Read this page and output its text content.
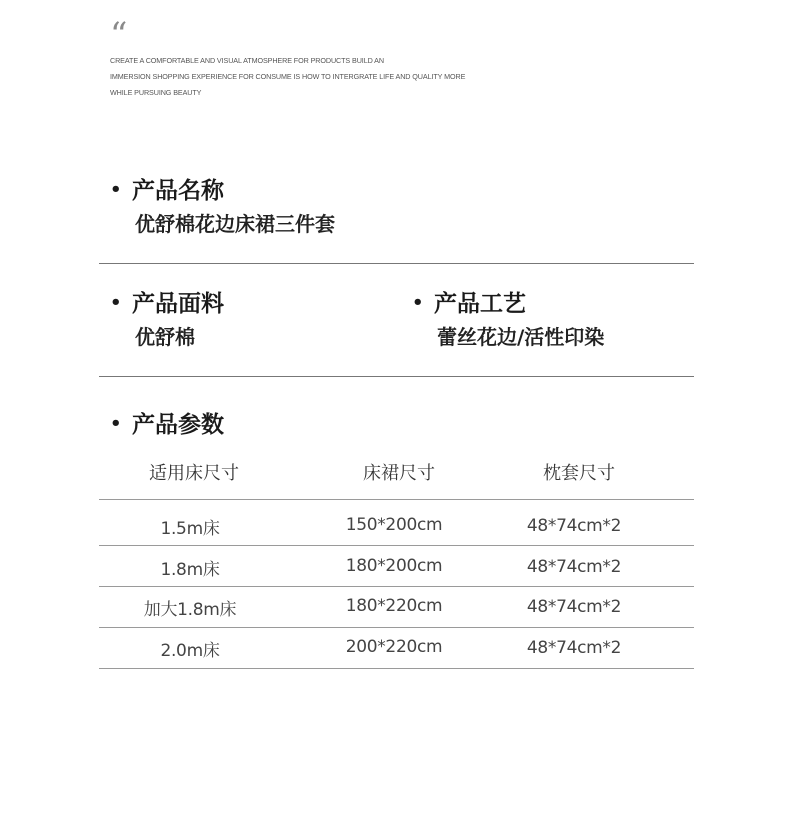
“
CREATE A COMFORTABLE AND VISUAL ATMOSPHERE FOR PRODUCTS BUILD AN
IMMERSION SHOPPING EXPERIENCE FOR CONSUME IS HOW TO INTERGRATE LIFE AND QUALITY MORE
WHILE PURSUING BEAUTY
• 产品名称
优舒棉花边床裙三件套
• 产品面料
优舒棉
• 产品工艺
蕾丝花边/活性印染
• 产品参数
适用床尺寸	床裙尺寸	枕套尺寸
1.5m床	150*200cm	48*74cm*2
1.8m床	180*200cm	48*74cm*2
加大1.8m床	180*220cm	48*74cm*2
2.0m床	200*220cm	48*74cm*2
